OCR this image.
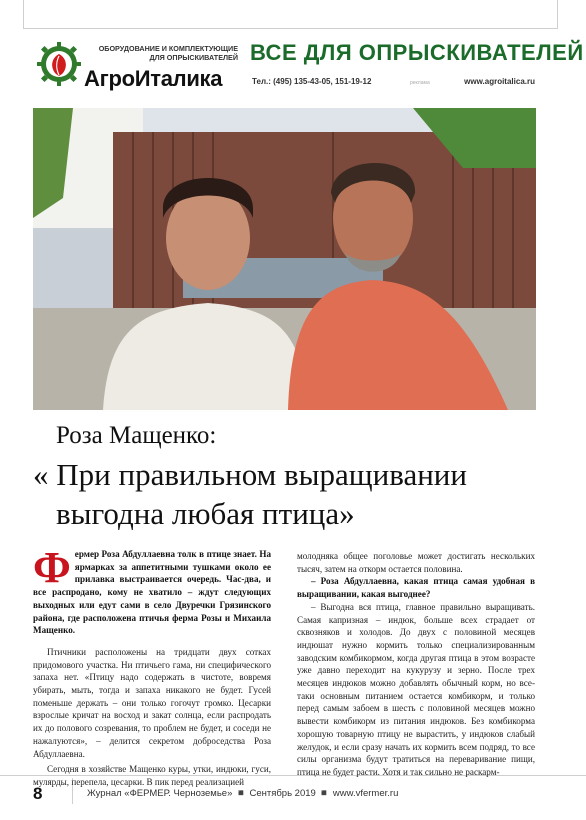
ОБОРУДОВАНИЕ И КОМПЛЕКТУЮЩИЕ
ДЛЯ ОПРЫСКИВАТЕЛЕЙ
АгроИталика
ВСЕ ДЛЯ ОПРЫСКИВАТЕЛЕЙ
Тел.: (495) 135-43-05, 151-19-12	реклама	www.agroitalica.ru
Роза Мащенко:
« При правильном выращивании
выгодна любая птица»

Фермер Роза Абдуллаевна толк в птице знает. На ярмарках за аппетитными тушками около ее прилавка выстраивается очередь. Час-два, и все распродано, кому не хватило – ждут следующих выходных или едут сами в село Двуречки Грязинского района, где расположена птичья ферма Розы и Михаила Мащенко.

Птичники расположены на тридцати двух сотках придомового участка. Ни птичьего гама, ни специфического запаха нет. «Птицу надо содержать в чистоте, вовремя убирать, мыть, тогда и запаха никакого не будет. Гусей поменьше держать – они только гогочут громко. Цесарки взрослые кричат на восход и закат солнца, если распродать их до полового созревания, то проблем не будет, и соседи не нажалуются», – делится секретом доброседства Роза Абдуллаевна.

Сегодня в хозяйстве Мащенко куры, утки, индюки, гуси, мулярды, перепела, цесарки. В пик перед реализацией

молодняка общее поголовье может достигать нескольких тысяч, затем на откорм остается половина.

– Роза Абдуллаевна, какая птица самая удобная в выращивании, какая выгоднее?

– Выгодна вся птица, главное правильно выращивать. Самая капризная – индюк, больше всех страдает от сквозняков и холодов. До двух с половиной месяцев индюшат нужно кормить только специализированным заводским комбикормом, когда другая птица в этом возрасте уже давно переходит на кукурузу и зерно. После трех месяцев индюков можно добавлять обычный корм, но все-таки основным питанием остается комбикорм, и только перед самым забоем в шесть с половиной месяцев можно вывести комбикорм из питания индюков. Без комбикорма хорошую товарную птицу не вырастить, у индюков слабый желудок, и если сразу начать их кормить всем подряд, то все силы организма будут тратиться на переваривание пищи, птица не будет расти. Хотя и так сильно не раскарм-

8	Журнал «ФЕРМЕР. Черноземье» ◾ Сентябрь 2019 ◾ www.vfermer.ru
